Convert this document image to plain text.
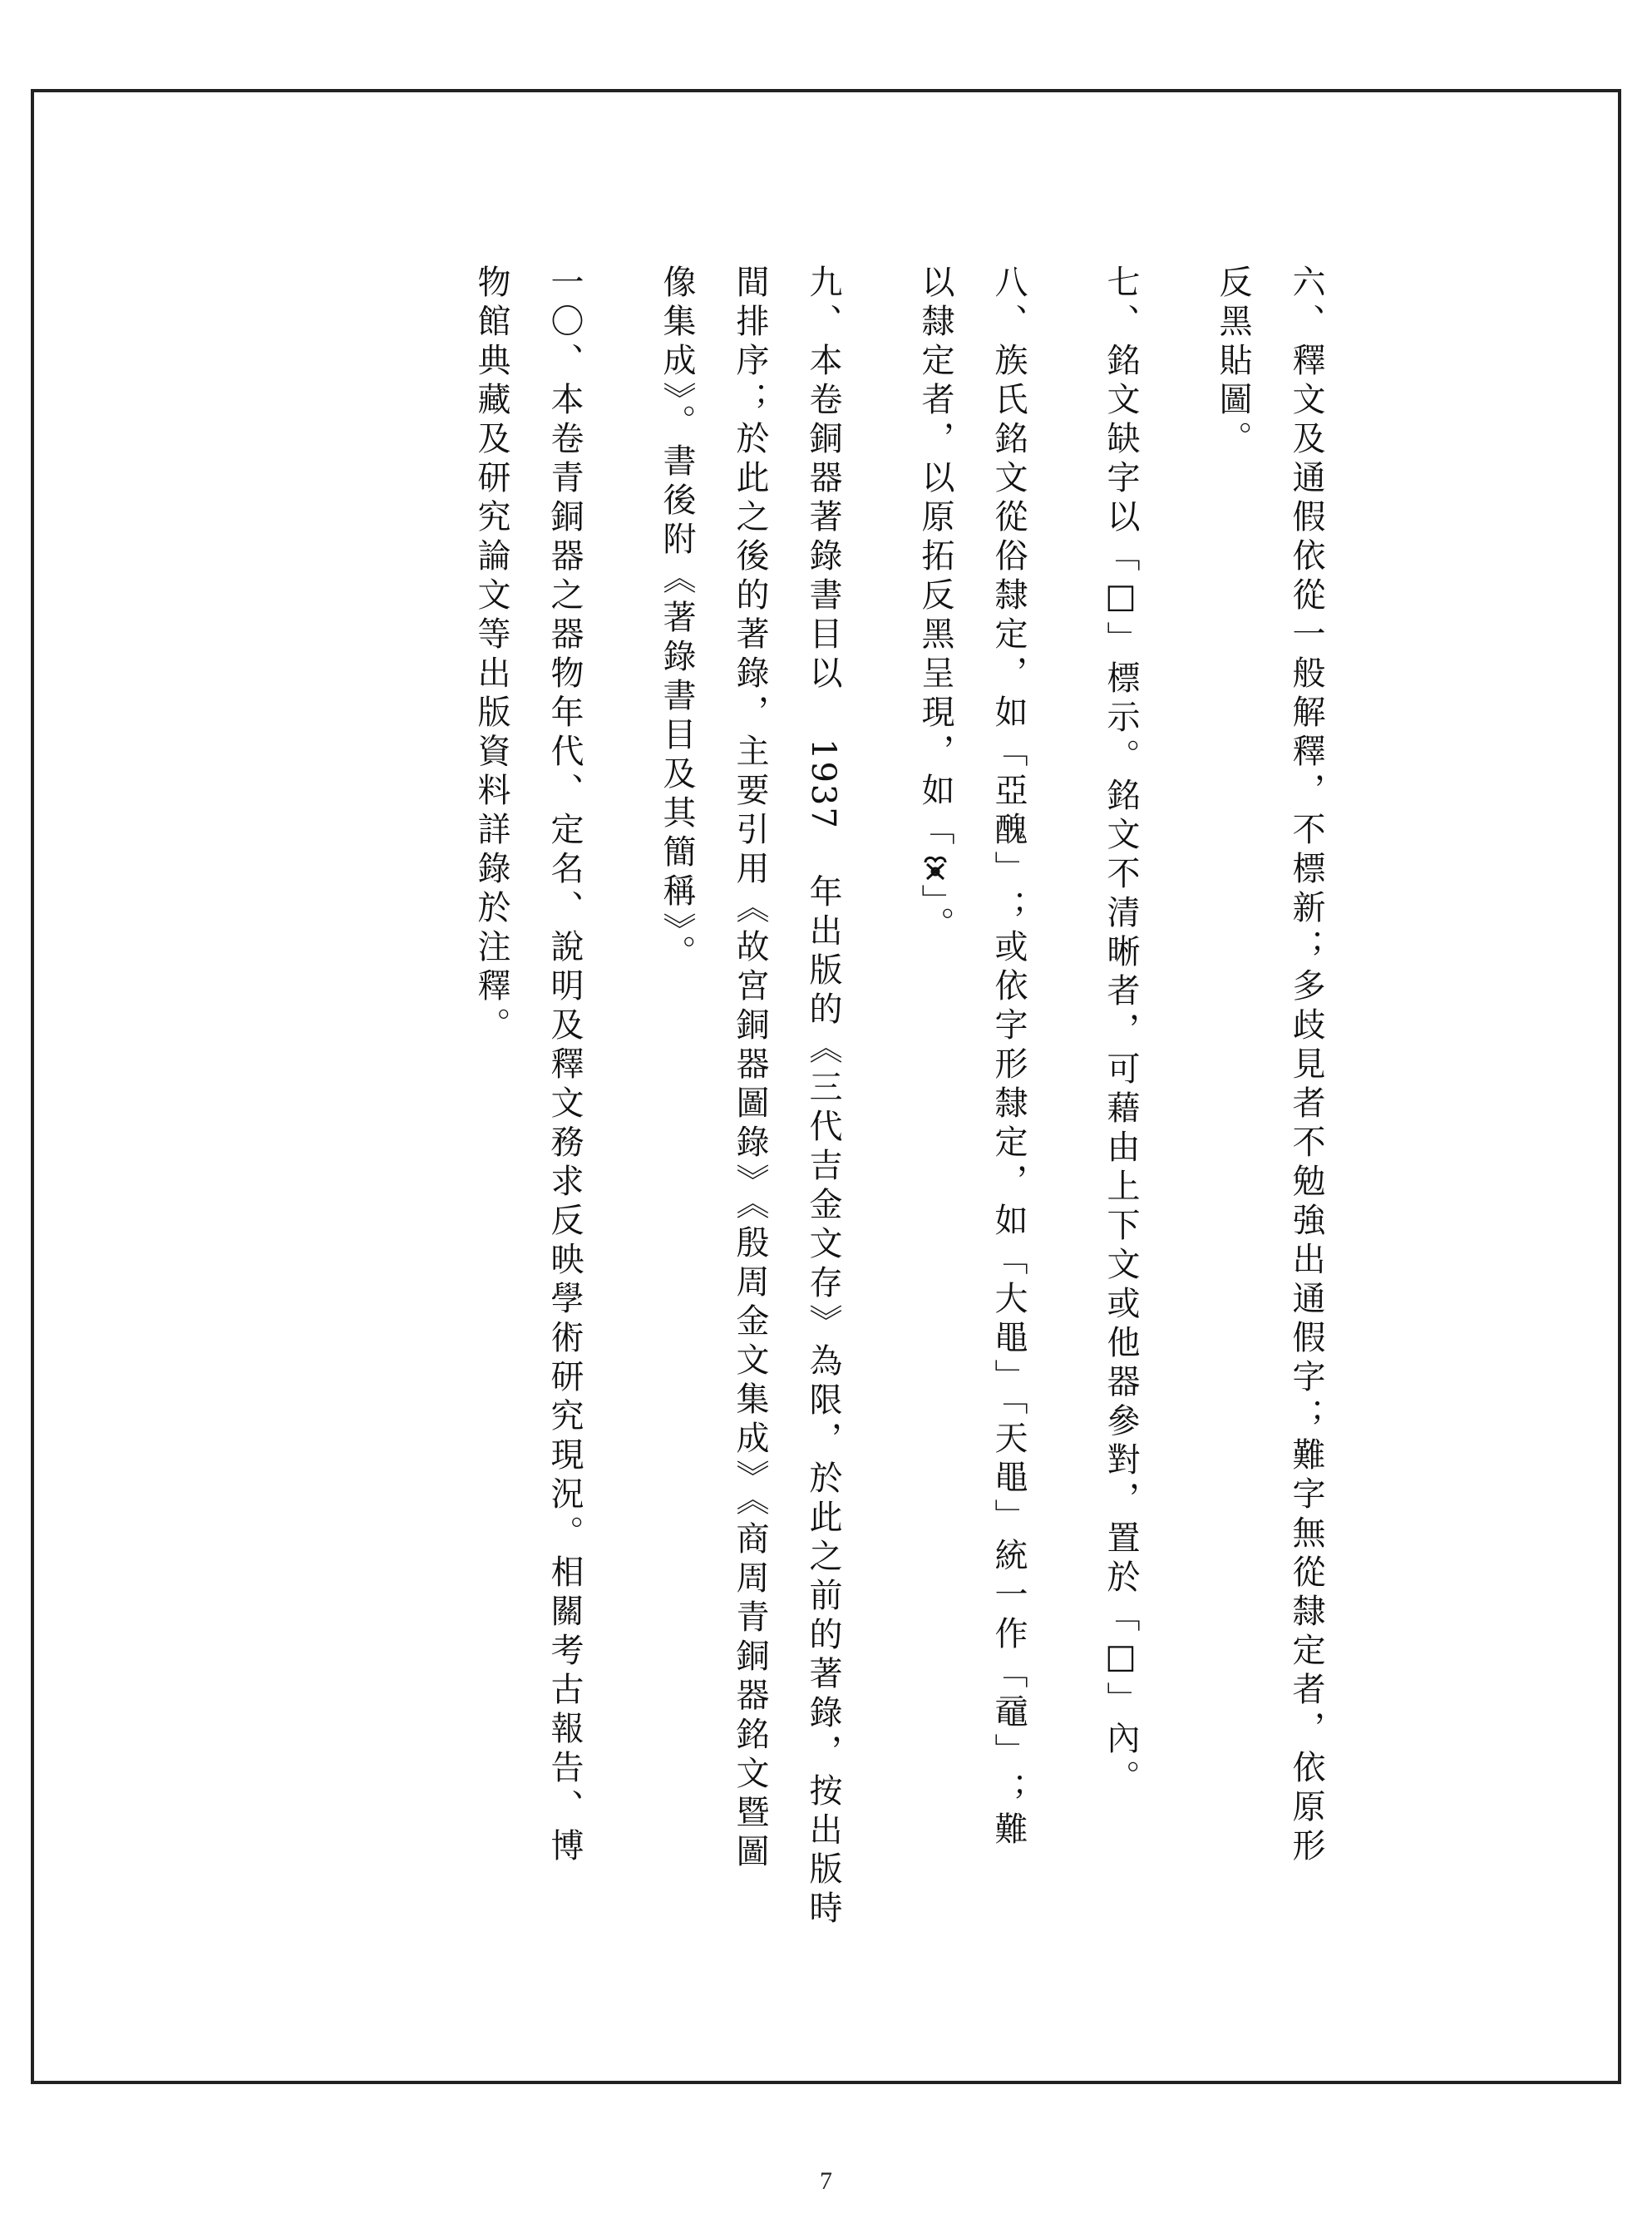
六、釋文及通假依從一般解釋，不標新；多歧見者不勉強出通假字；難字無從隸定者，依原形
反黑貼圖。
七、銘文缺字以「□」標示。銘文不清晰者，可藉由上下文或他器參對，置於「□」內。
八、族氏銘文從俗隸定，如「亞醜」；或依字形隸定，如「大黽」「天黽」統一作「黿」；難
以隸定者，以原拓反黑呈現，如「
」。
九、本卷銅器著錄書目以 1937 年出版的《三代吉金文存》為限，於此之前的著錄，按出版時
間排序；於此之後的著錄，主要引用《故宮銅器圖錄》《殷周金文集成》《商周青銅器銘文暨圖
像集成》。書後附《著錄書目及其簡稱》。
一〇、本卷青銅器之器物年代、定名、說明及釋文務求反映學術研究現況。相關考古報告、博
物館典藏及研究論文等出版資料詳錄於注釋。
7
